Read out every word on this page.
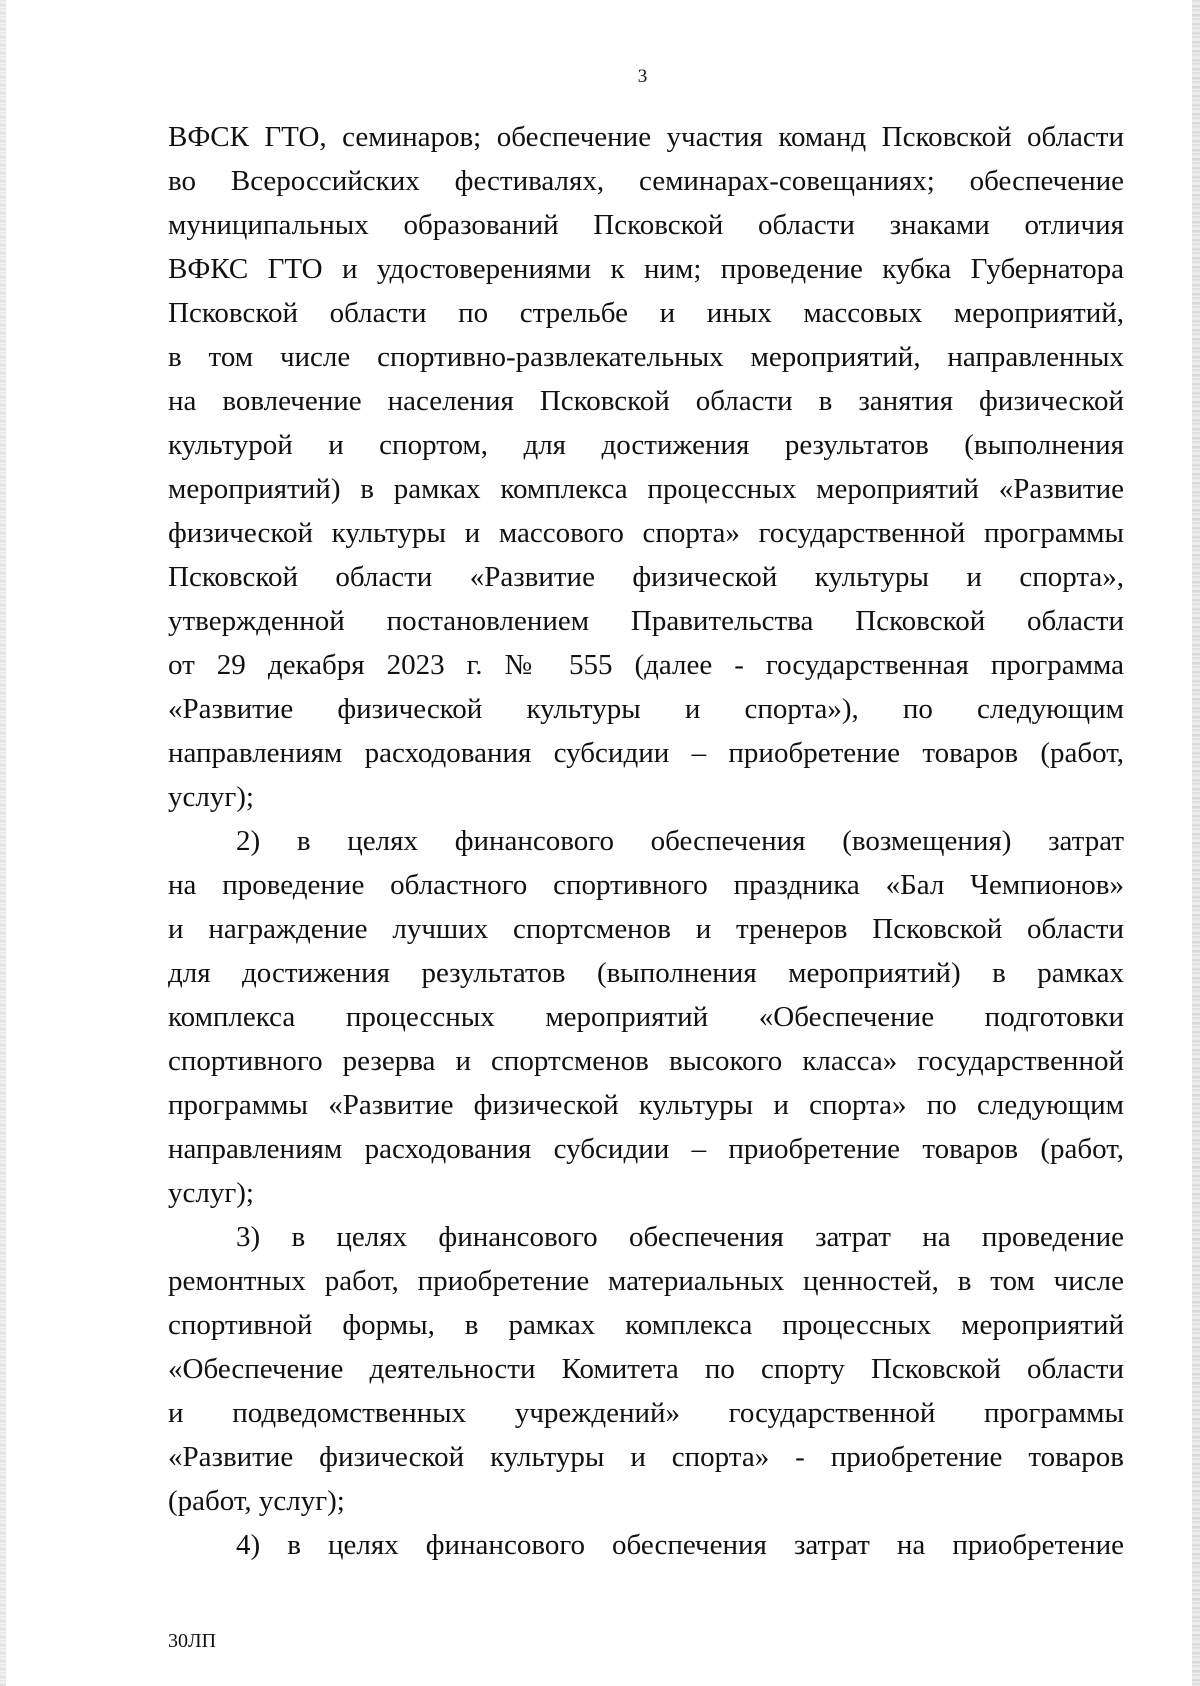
3
ВФСК ГТО, семинаров; обеспечение участия команд Псковской области
во Всероссийских фестивалях, семинарах-совещаниях; обеспечение
муниципальных образований Псковской области знаками отличия
ВФКС ГТО и удостоверениями к ним; проведение кубка Губернатора
Псковской области по стрельбе и иных массовых мероприятий,
в том числе спортивно-развлекательных мероприятий, направленных
на вовлечение населения Псковской области в занятия физической
культурой и спортом, для достижения результатов (выполнения
мероприятий) в рамках комплекса процессных мероприятий «Развитие
физической культуры и массового спорта» государственной программы
Псковской области «Развитие физической культуры и спорта»,
утвержденной постановлением Правительства Псковской области
от 29 декабря 2023 г. № 555 (далее - государственная программа
«Развитие физической культуры и спорта»), по следующим
направлениям расходования субсидии – приобретение товаров (работ,
услуг);
2) в целях финансового обеспечения (возмещения) затрат
на проведение областного спортивного праздника «Бал Чемпионов»
и награждение лучших спортсменов и тренеров Псковской области
для достижения результатов (выполнения мероприятий) в рамках
комплекса процессных мероприятий «Обеспечение подготовки
спортивного резерва и спортсменов высокого класса» государственной
программы «Развитие физической культуры и спорта» по следующим
направлениям расходования субсидии – приобретение товаров (работ,
услуг);
3) в целях финансового обеспечения затрат на проведение
ремонтных работ, приобретение материальных ценностей, в том числе
спортивной формы, в рамках комплекса процессных мероприятий
«Обеспечение деятельности Комитета по спорту Псковской области
и подведомственных учреждений» государственной программы
«Развитие физической культуры и спорта» - приобретение товаров
(работ, услуг);
4) в целях финансового обеспечения затрат на приобретение
30ЛП
